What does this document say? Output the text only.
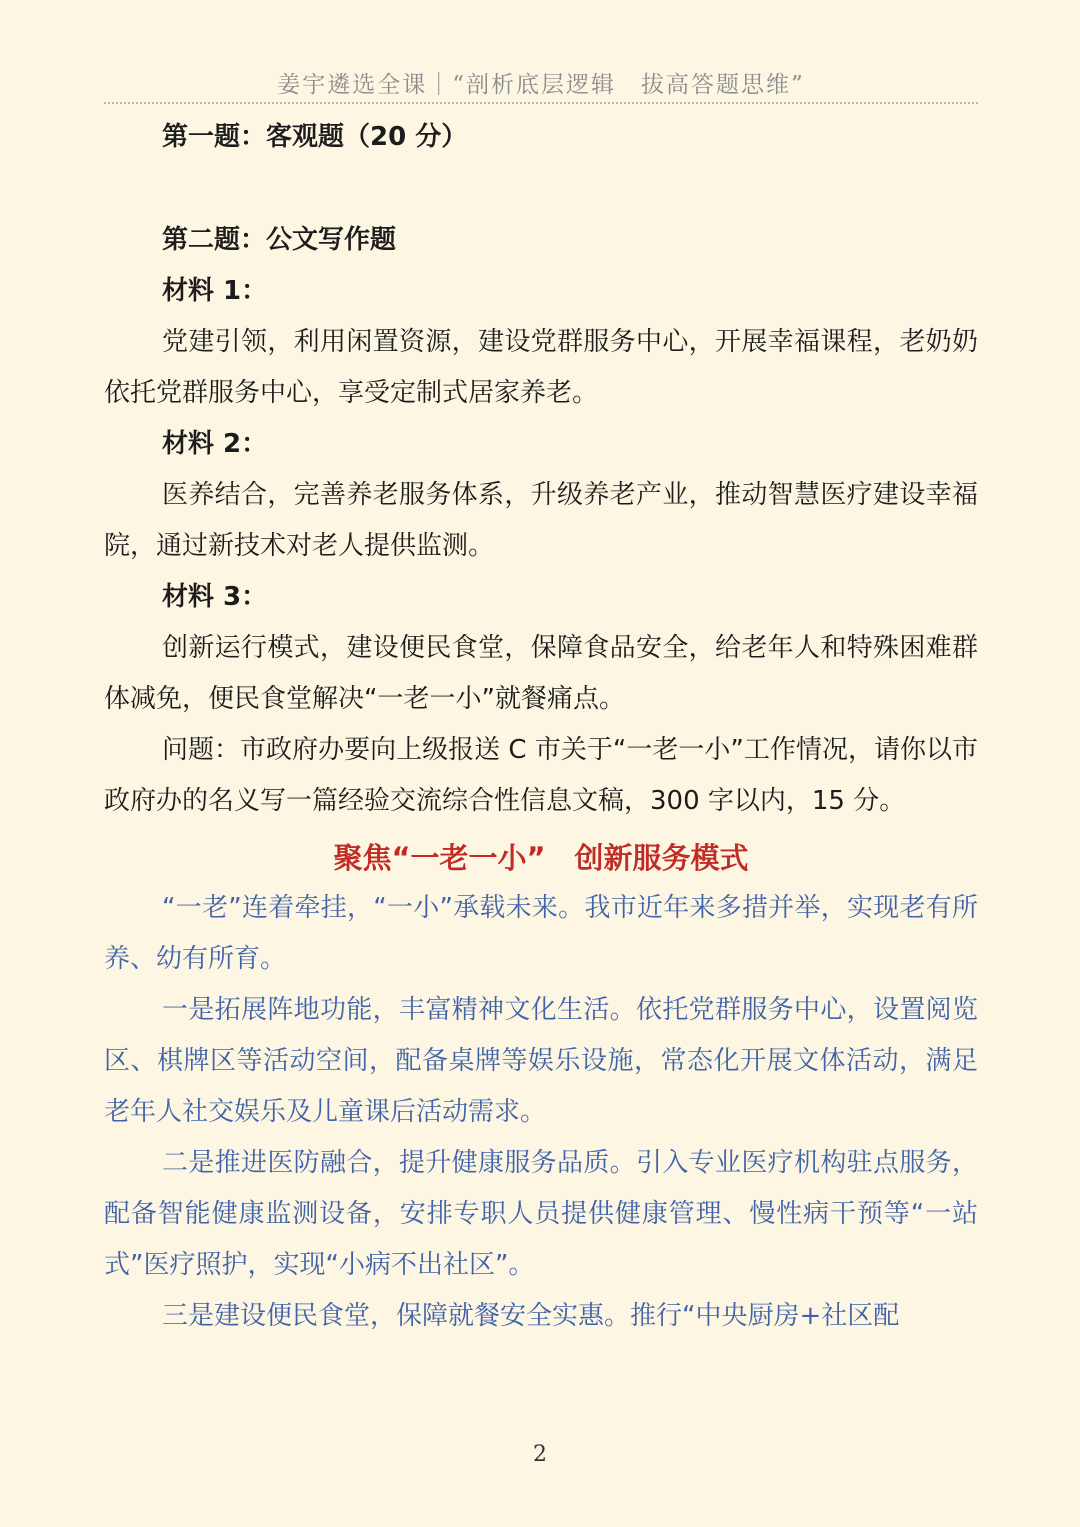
姜宇遴选全课｜“剖析底层逻辑　拔高答题思维”

第一题：客观题（20 分）

第二题：公文写作题

材料 1：

党建引领，利用闲置资源，建设党群服务中心，开展幸福课程，老奶奶依托党群服务中心，享受定制式居家养老。

材料 2：

医养结合，完善养老服务体系，升级养老产业，推动智慧医疗建设幸福院，通过新技术对老人提供监测。

材料 3：

创新运行模式，建设便民食堂，保障食品安全，给老年人和特殊困难群体减免，便民食堂解决“一老一小”就餐痛点。

问题：市政府办要向上级报送 C 市关于“一老一小”工作情况，请你以市政府办的名义写一篇经验交流综合性信息文稿，300 字以内，15 分。

聚焦“一老一小”　创新服务模式

“一老”连着牵挂，“一小”承载未来。我市近年来多措并举，实现老有所养、幼有所育。

一是拓展阵地功能，丰富精神文化生活。依托党群服务中心，设置阅览区、棋牌区等活动空间，配备桌牌等娱乐设施，常态化开展文体活动，满足老年人社交娱乐及儿童课后活动需求。

二是推进医防融合，提升健康服务品质。引入专业医疗机构驻点服务，配备智能健康监测设备，安排专职人员提供健康管理、慢性病干预等“一站式”医疗照护，实现“小病不出社区”。

三是建设便民食堂，保障就餐安全实惠。推行“中央厨房+社区配

2
